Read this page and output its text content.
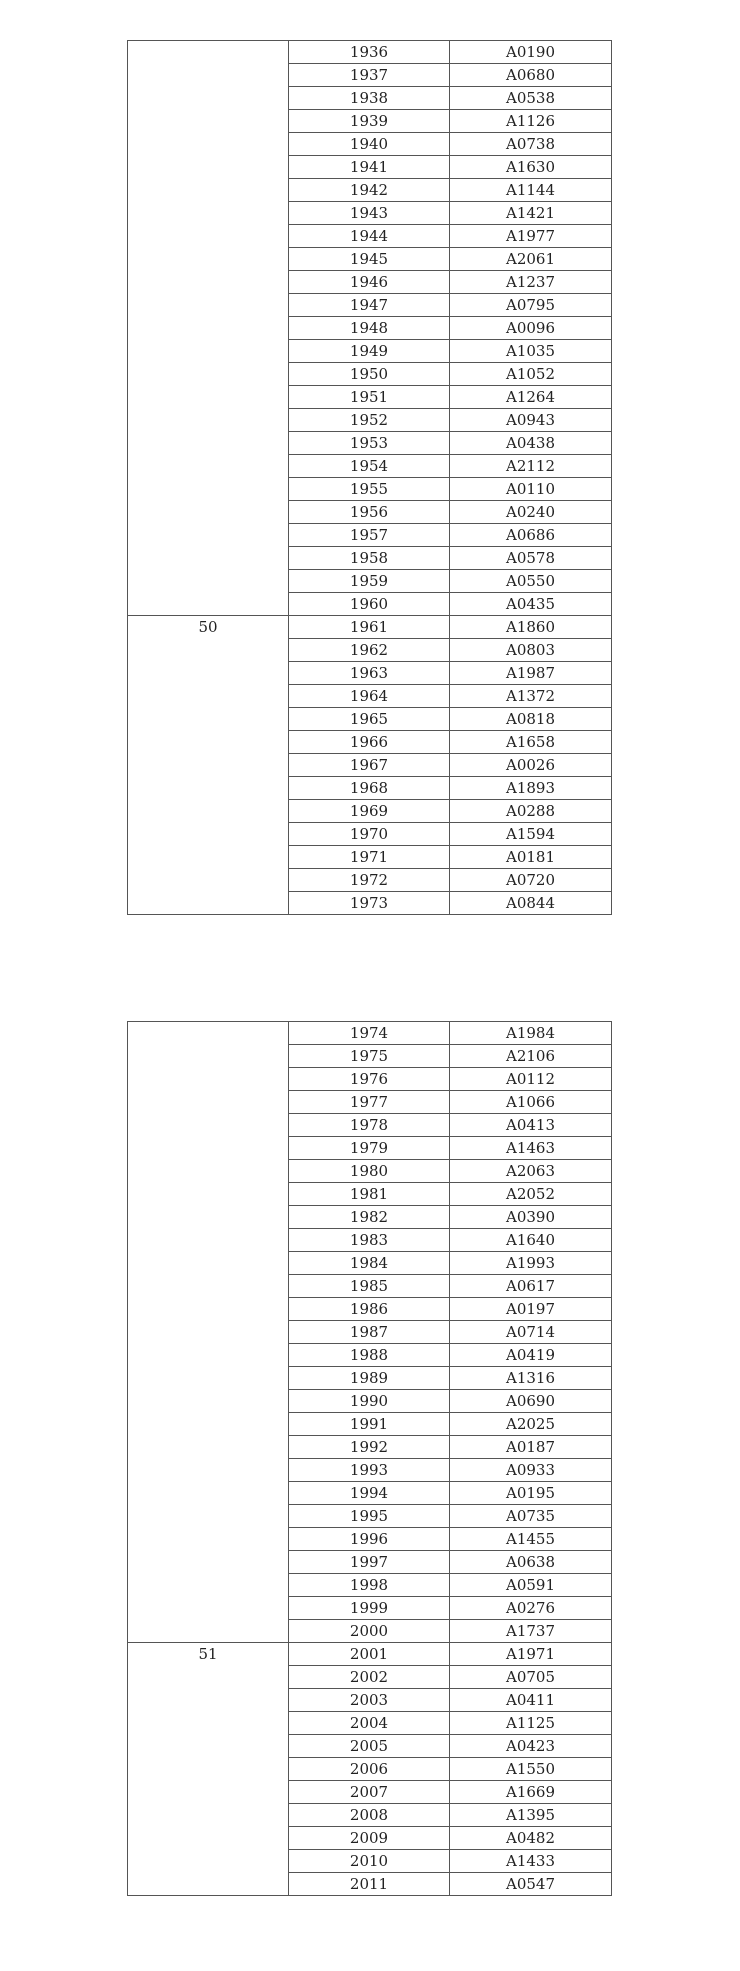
	1936	A0190
	1937	A0680
	1938	A0538
	1939	A1126
	1940	A0738
	1941	A1630
	1942	A1144
	1943	A1421
	1944	A1977
	1945	A2061
	1946	A1237
	1947	A0795
	1948	A0096
	1949	A1035
	1950	A1052
	1951	A1264
	1952	A0943
	1953	A0438
	1954	A2112
	1955	A0110
	1956	A0240
	1957	A0686
	1958	A0578
	1959	A0550
	1960	A0435
50	1961	A1860
	1962	A0803
	1963	A1987
	1964	A1372
	1965	A0818
	1966	A1658
	1967	A0026
	1968	A1893
	1969	A0288
	1970	A1594
	1971	A0181
	1972	A0720
	1973	A0844
	1974	A1984
	1975	A2106
	1976	A0112
	1977	A1066
	1978	A0413
	1979	A1463
	1980	A2063
	1981	A2052
	1982	A0390
	1983	A1640
	1984	A1993
	1985	A0617
	1986	A0197
	1987	A0714
	1988	A0419
	1989	A1316
	1990	A0690
	1991	A2025
	1992	A0187
	1993	A0933
	1994	A0195
	1995	A0735
	1996	A1455
	1997	A0638
	1998	A0591
	1999	A0276
	2000	A1737
51	2001	A1971
	2002	A0705
	2003	A0411
	2004	A1125
	2005	A0423
	2006	A1550
	2007	A1669
	2008	A1395
	2009	A0482
	2010	A1433
	2011	A0547
